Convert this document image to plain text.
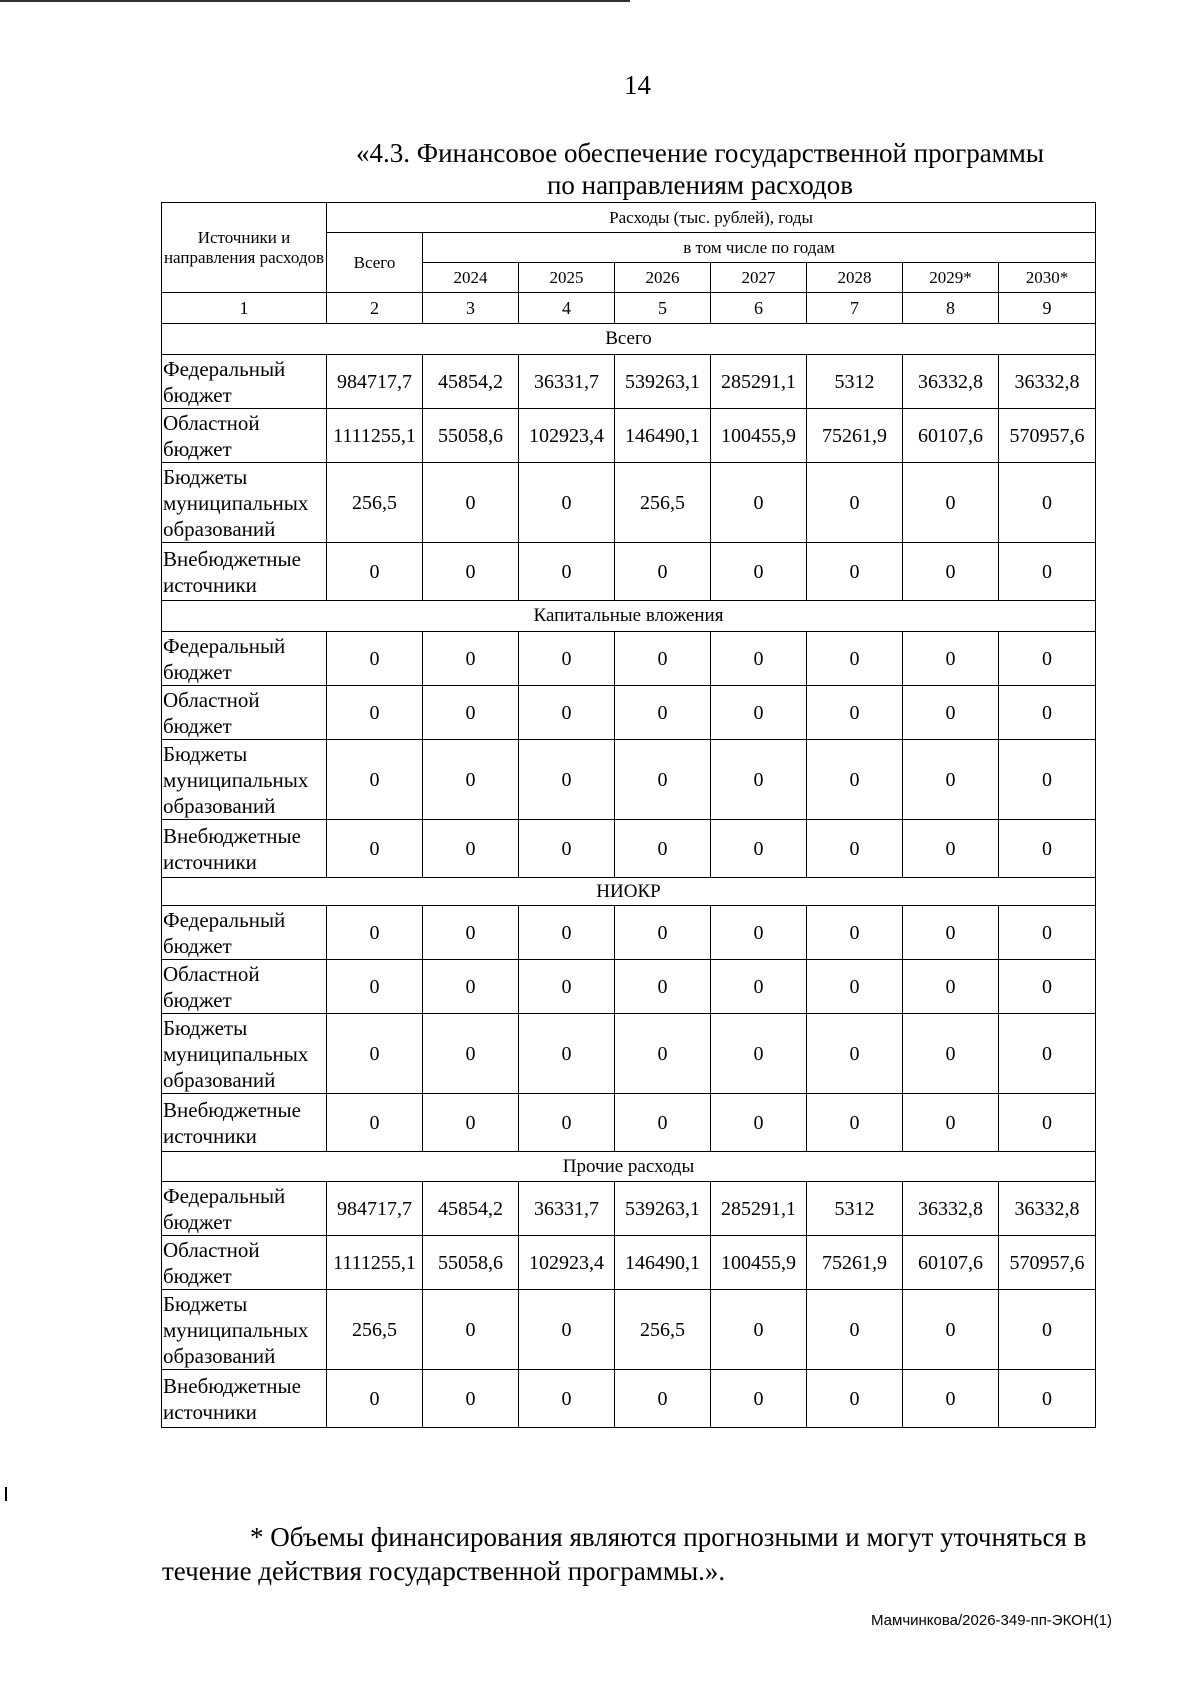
14
«4.3. Финансовое обеспечение государственной программы
по направлениям расходов
Источники и направления расходов	Расходы (тыс. рублей), годы							
	Всего	в том числе по годам						
		2024	2025	2026	2027	2028	2029*	2030*
1	2	3	4	5	6	7	8	9
Всего								
Федеральный бюджет	984717,7	45854,2	36331,7	539263,1	285291,1	5312	36332,8	36332,8
Областной бюджет	1111255,1	55058,6	102923,4	146490,1	100455,9	75261,9	60107,6	570957,6
Бюджеты муниципальных образований	256,5	0	0	256,5	0	0	0	0
Внебюджетные источники	0	0	0	0	0	0	0	0
Капитальные вложения								
Федеральный бюджет	0	0	0	0	0	0	0	0
Областной бюджет	0	0	0	0	0	0	0	0
Бюджеты муниципальных образований	0	0	0	0	0	0	0	0
Внебюджетные источники	0	0	0	0	0	0	0	0
НИОКР								
Федеральный бюджет	0	0	0	0	0	0	0	0
Областной бюджет	0	0	0	0	0	0	0	0
Бюджеты муниципальных образований	0	0	0	0	0	0	0	0
Внебюджетные источники	0	0	0	0	0	0	0	0
Прочие расходы								
Федеральный бюджет	984717,7	45854,2	36331,7	539263,1	285291,1	5312	36332,8	36332,8
Областной бюджет	1111255,1	55058,6	102923,4	146490,1	100455,9	75261,9	60107,6	570957,6
Бюджеты муниципальных образований	256,5	0	0	256,5	0	0	0	0
Внебюджетные источники	0	0	0	0	0	0	0	0
* Объемы финансирования являются прогнозными и могут уточняться в течение действия государственной программы.».
Мамчинкова/2026-349-пп-ЭКОН(1)
